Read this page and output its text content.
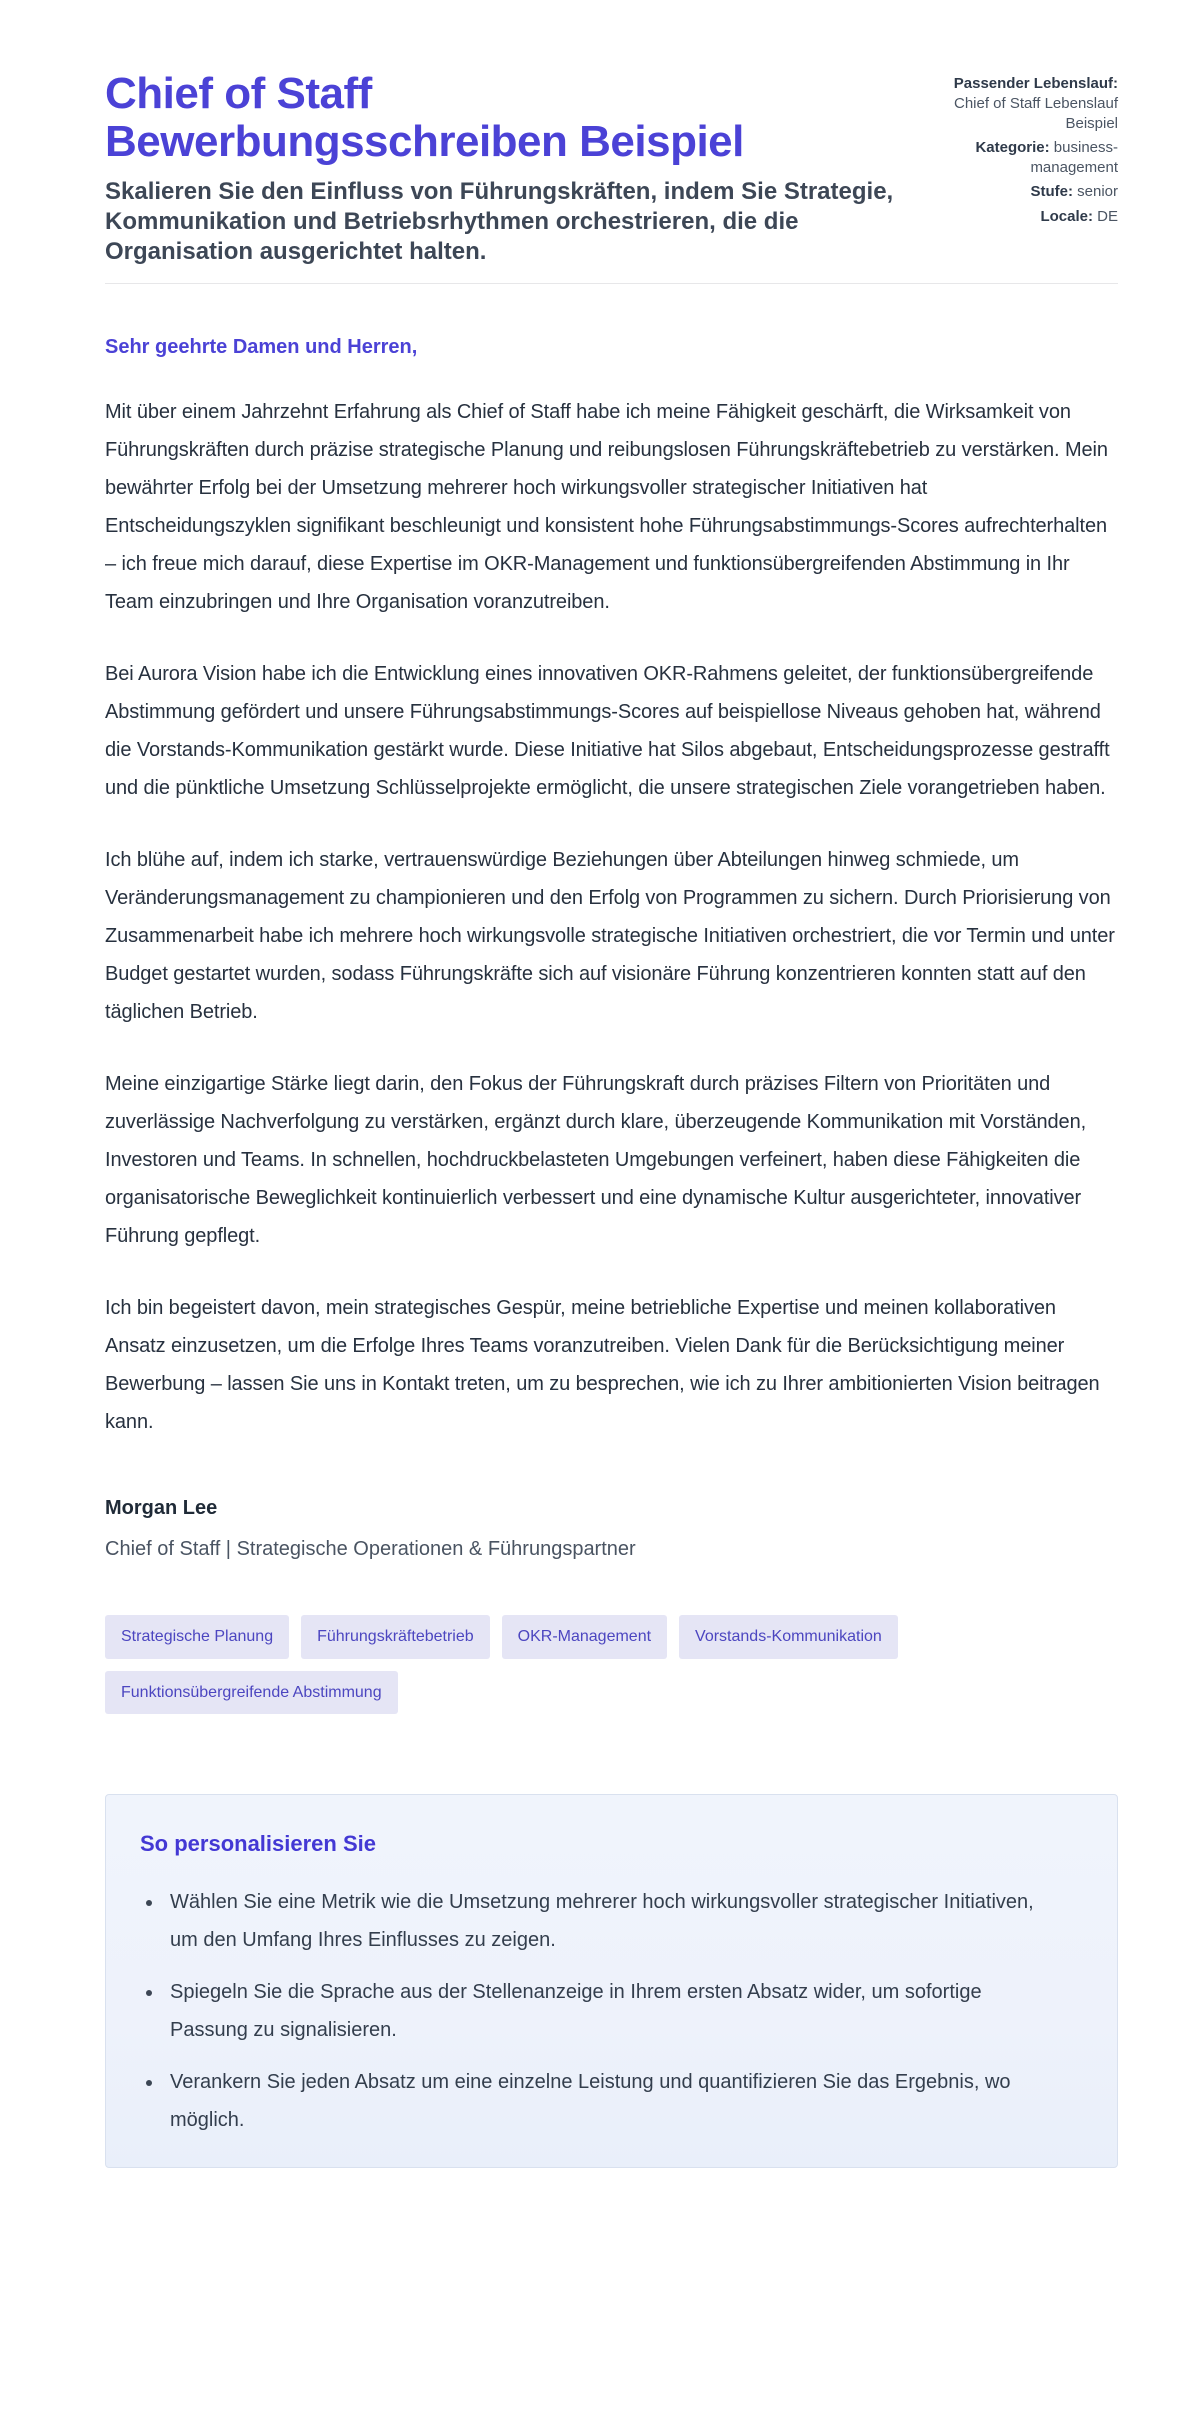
Chief of Staff
Bewerbungsschreiben Beispiel

Skalieren Sie den Einfluss von Führungskräften, indem Sie Strategie, Kommunikation und Betriebsrhythmen orchestrieren, die die Organisation ausgerichtet halten.

Passender Lebenslauf: Chief of Staff Lebenslauf Beispiel
Kategorie: business-management
Stufe: senior
Locale: DE

Sehr geehrte Damen und Herren,

Mit über einem Jahrzehnt Erfahrung als Chief of Staff habe ich meine Fähigkeit geschärft, die Wirksamkeit von Führungskräften durch präzise strategische Planung und reibungslosen Führungskräftebetrieb zu verstärken. Mein bewährter Erfolg bei der Umsetzung mehrerer hoch wirkungsvoller strategischer Initiativen hat Entscheidungszyklen signifikant beschleunigt und konsistent hohe Führungsabstimmungs-Scores aufrechterhalten – ich freue mich darauf, diese Expertise im OKR-Management und funktionsübergreifenden Abstimmung in Ihr Team einzubringen und Ihre Organisation voranzutreiben.

Bei Aurora Vision habe ich die Entwicklung eines innovativen OKR-Rahmens geleitet, der funktionsübergreifende Abstimmung gefördert und unsere Führungsabstimmungs-Scores auf beispiellose Niveaus gehoben hat, während die Vorstands-Kommunikation gestärkt wurde. Diese Initiative hat Silos abgebaut, Entscheidungsprozesse gestrafft und die pünktliche Umsetzung Schlüsselprojekte ermöglicht, die unsere strategischen Ziele vorangetrieben haben.

Ich blühe auf, indem ich starke, vertrauenswürdige Beziehungen über Abteilungen hinweg schmiede, um Veränderungsmanagement zu championieren und den Erfolg von Programmen zu sichern. Durch Priorisierung von Zusammenarbeit habe ich mehrere hoch wirkungsvolle strategische Initiativen orchestriert, die vor Termin und unter Budget gestartet wurden, sodass Führungskräfte sich auf visionäre Führung konzentrieren konnten statt auf den täglichen Betrieb.

Meine einzigartige Stärke liegt darin, den Fokus der Führungskraft durch präzises Filtern von Prioritäten und zuverlässige Nachverfolgung zu verstärken, ergänzt durch klare, überzeugende Kommunikation mit Vorständen, Investoren und Teams. In schnellen, hochdruckbelasteten Umgebungen verfeinert, haben diese Fähigkeiten die organisatorische Beweglichkeit kontinuierlich verbessert und eine dynamische Kultur ausgerichteter, innovativer Führung gepflegt.

Ich bin begeistert davon, mein strategisches Gespür, meine betriebliche Expertise und meinen kollaborativen Ansatz einzusetzen, um die Erfolge Ihres Teams voranzutreiben. Vielen Dank für die Berücksichtigung meiner Bewerbung – lassen Sie uns in Kontakt treten, um zu besprechen, wie ich zu Ihrer ambitionierten Vision beitragen kann.

Morgan Lee

Chief of Staff | Strategische Operationen & Führungspartner

Strategische Planung	Führungskräftebetrieb	OKR-Management	Vorstands-Kommunikation
Funktionsübergreifende Abstimmung
So personalisieren Sie
• Wählen Sie eine Metrik wie die Umsetzung mehrerer hoch wirkungsvoller strategischer Initiativen, um den Umfang Ihres Einflusses zu zeigen.
• Spiegeln Sie die Sprache aus der Stellenanzeige in Ihrem ersten Absatz wider, um sofortige Passung zu signalisieren.
• Verankern Sie jeden Absatz um eine einzelne Leistung und quantifizieren Sie das Ergebnis, wo möglich.
